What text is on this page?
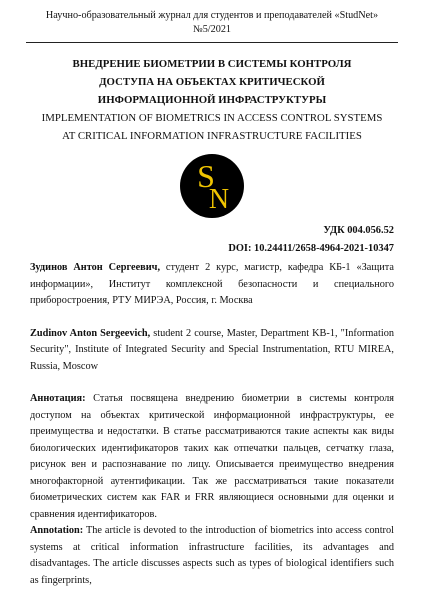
Научно-образовательный журнал для студентов и преподавателей «StudNet» №5/2021
ВНЕДРЕНИЕ БИОМЕТРИИ В СИСТЕМЫ КОНТРОЛЯ ДОСТУПА НА ОБЪЕКТАХ КРИТИЧЕСКОЙ ИНФОРМАЦИОННОЙ ИНФРАСТРУКТУРЫ
IMPLEMENTATION OF BIOMETRICS IN ACCESS CONTROL SYSTEMS AT CRITICAL INFORMATION INFRASTRUCTURE FACILITIES
S
N
УДК 004.056.52
DOI: 10.24411/2658-4964-2021-10347

Зудинов Антон Сергеевич, студент 2 курс, магистр, кафедра КБ-1 «Защита информации», Институт комплексной безопасности и специального приборостроения, РТУ МИРЭА, Россия, г. Москва

Zudinov Anton Sergeevich, student 2 course, Master, Department KB-1, "Information Security", Institute of Integrated Security and Special Instrumentation, RTU MIREA, Russia, Moscow

Аннотация: Статья посвящена внедрению биометрии в системы контроля доступом на объектах критической информационной инфраструктуры, ее преимущества и недостатки. В статье рассматриваются такие аспекты как виды биологических идентификаторов таких как отпечатки пальцев, сетчатку глаза, рисунок вен и распознавание по лицу. Описывается преимущество внедрения многофакторной аутентификации. Так же рассматриваться такие показатели биометрических систем как FAR и FRR являющиеся основными для оценки и сравнения идентификаторов.

Annotation: The article is devoted to the introduction of biometrics into access control systems at critical information infrastructure facilities, its advantages and disadvantages. The article discusses aspects such as types of biological identifiers such as fingerprints,
